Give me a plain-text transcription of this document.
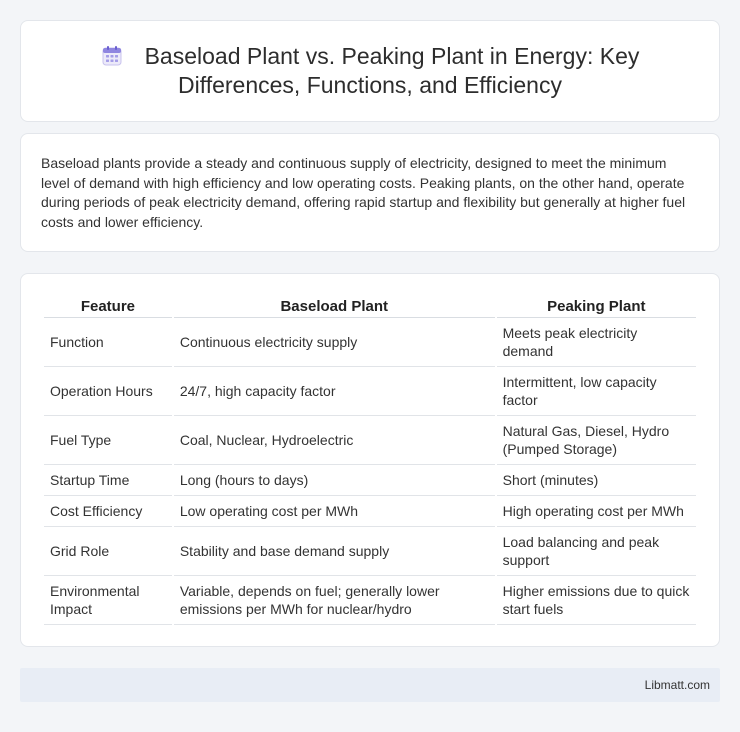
Baseload Plant vs. Peaking Plant in Energy: Key Differences, Functions, and Efficiency

Baseload plants provide a steady and continuous supply of electricity, designed to meet the minimum level of demand with high efficiency and low operating costs. Peaking plants, on the other hand, operate during periods of peak electricity demand, offering rapid startup and flexibility but generally at higher fuel costs and lower efficiency.

Feature	Baseload Plant	Peaking Plant
Function	Continuous electricity supply	Meets peak electricity demand
Operation Hours	24/7, high capacity factor	Intermittent, low capacity factor
Fuel Type	Coal, Nuclear, Hydroelectric	Natural Gas, Diesel, Hydro (Pumped Storage)
Startup Time	Long (hours to days)	Short (minutes)
Cost Efficiency	Low operating cost per MWh	High operating cost per MWh
Grid Role	Stability and base demand supply	Load balancing and peak support
Environmental Impact	Variable, depends on fuel; generally lower emissions per MWh for nuclear/hydro	Higher emissions due to quick start fuels
Libmatt.com
